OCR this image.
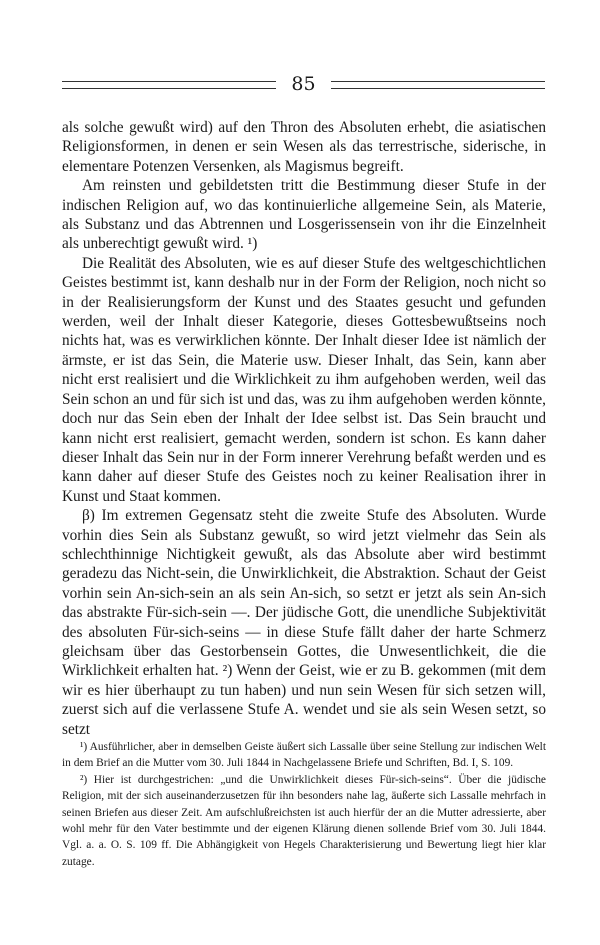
85

als solche gewußt wird) auf den Thron des Absoluten erhebt, die asiatischen Religionsformen, in denen er sein Wesen als das terrestrische, siderische, in elementare Potenzen Versenken, als Magismus begreift.

Am reinsten und gebildetsten tritt die Bestimmung dieser Stufe in der indischen Religion auf, wo das kontinuierliche allgemeine Sein, als Materie, als Substanz und das Abtrennen und Losgerissensein von ihr die Einzelnheit als unberechtigt gewußt wird. ¹)

Die Realität des Absoluten, wie es auf dieser Stufe des weltgeschichtlichen Geistes bestimmt ist, kann deshalb nur in der Form der Religion, noch nicht so in der Realisierungsform der Kunst und des Staates gesucht und gefunden werden, weil der Inhalt dieser Kategorie, dieses Gottesbewußtseins noch nichts hat, was es verwirklichen könnte. Der Inhalt dieser Idee ist nämlich der ärmste, er ist das Sein, die Materie usw. Dieser Inhalt, das Sein, kann aber nicht erst realisiert und die Wirklichkeit zu ihm aufgehoben werden, weil das Sein schon an und für sich ist und das, was zu ihm aufgehoben werden könnte, doch nur das Sein eben der Inhalt der Idee selbst ist. Das Sein braucht und kann nicht erst realisiert, gemacht werden, sondern ist schon. Es kann daher dieser Inhalt das Sein nur in der Form innerer Verehrung befaßt werden und es kann daher auf dieser Stufe des Geistes noch zu keiner Realisation ihrer in Kunst und Staat kommen.

β) Im extremen Gegensatz steht die zweite Stufe des Absoluten. Wurde vorhin dies Sein als Substanz gewußt, so wird jetzt vielmehr das Sein als schlechthinnige Nichtigkeit gewußt, als das Absolute aber wird bestimmt geradezu das Nicht-sein, die Unwirklichkeit, die Abstraktion. Schaut der Geist vorhin sein An-sich-sein an als sein An-sich, so setzt er jetzt als sein An-sich das abstrakte Für-sich-sein —. Der jüdische Gott, die unendliche Subjektivität des absoluten Für-sich-seins — in diese Stufe fällt daher der harte Schmerz gleichsam über das Gestorbensein Gottes, die Unwesentlichkeit, die die Wirklichkeit erhalten hat. ²) Wenn der Geist, wie er zu B. gekommen (mit dem wir es hier überhaupt zu tun haben) und nun sein Wesen für sich setzen will, zuerst sich auf die verlassene Stufe A. wendet und sie als sein Wesen setzt, so setzt

¹) Ausführlicher, aber in demselben Geiste äußert sich Lassalle über seine Stellung zur indischen Welt in dem Brief an die Mutter vom 30. Juli 1844 in Nachgelassene Briefe und Schriften, Bd. I, S. 109.

²) Hier ist durchgestrichen: „und die Unwirklichkeit dieses Für-sich-seins“. Über die jüdische Religion, mit der sich auseinanderzusetzen für ihn besonders nahe lag, äußerte sich Lassalle mehrfach in seinen Briefen aus dieser Zeit. Am aufschlußreichsten ist auch hierfür der an die Mutter adressierte, aber wohl mehr für den Vater bestimmte und der eigenen Klärung dienen sollende Brief vom 30. Juli 1844. Vgl. a. a. O. S. 109 ff. Die Abhängigkeit von Hegels Charakterisierung und Bewertung liegt hier klar zutage.
